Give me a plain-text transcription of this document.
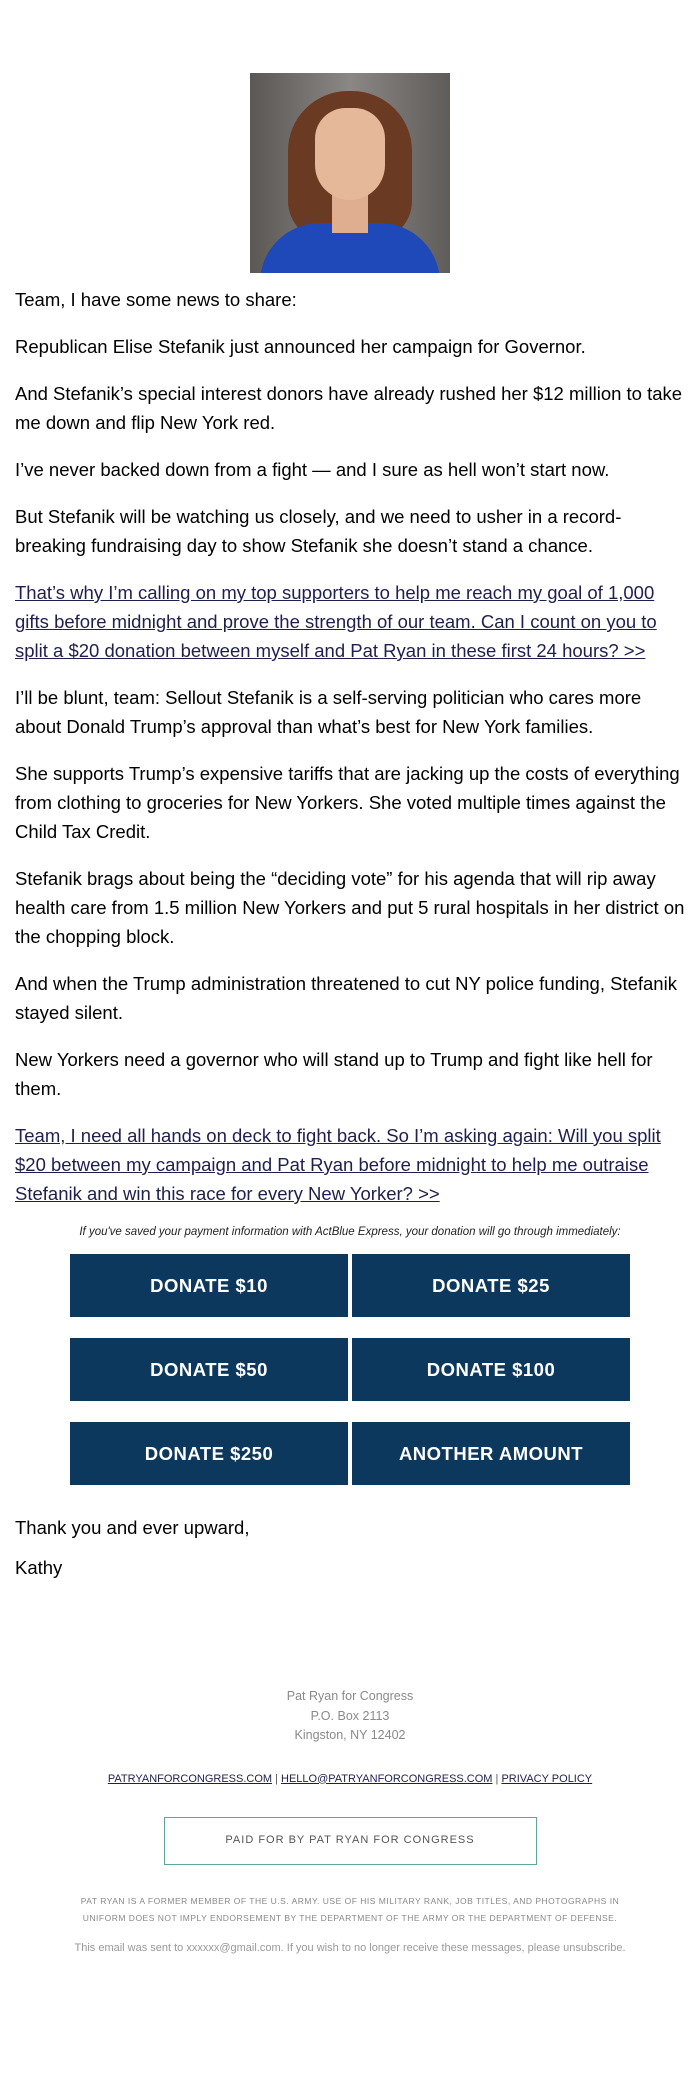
Team, I have some news to share:

Republican Elise Stefanik just announced her campaign for Governor.

And Stefanik’s special interest donors have already rushed her $12 million to take me down and flip New York red.

I’ve never backed down from a fight — and I sure as hell won’t start now.

But Stefanik will be watching us closely, and we need to usher in a record-breaking fundraising day to show Stefanik she doesn’t stand a chance.

That’s why I’m calling on my top supporters to help me reach my goal of 1,000 gifts before midnight and prove the strength of our team. Can I count on you to split a $20 donation between myself and Pat Ryan in these first 24 hours? >>

I’ll be blunt, team: Sellout Stefanik is a self-serving politician who cares more about Donald Trump’s approval than what’s best for New York families.

She supports Trump’s expensive tariffs that are jacking up the costs of everything from clothing to groceries for New Yorkers. She voted multiple times against the Child Tax Credit.

Stefanik brags about being the “deciding vote” for his agenda that will rip away health care from 1.5 million New Yorkers and put 5 rural hospitals in her district on the chopping block.

And when the Trump administration threatened to cut NY police funding, Stefanik stayed silent.

New Yorkers need a governor who will stand up to Trump and fight like hell for them.

Team, I need all hands on deck to fight back. So I’m asking again: Will you split $20 between my campaign and Pat Ryan before midnight to help me outraise Stefanik and win this race for every New Yorker? >>

If you've saved your payment information with ActBlue Express, your donation will go through immediately:
DONATE $10	DONATE $25
DONATE $50	DONATE $100
DONATE $250	ANOTHER AMOUNT

Thank you and ever upward,

Kathy

Pat Ryan for Congress
P.O. Box 2113
Kingston, NY 12402
PATRYANFORCONGRESS.COM | HELLO@PATRYANFORCONGRESS.COM | PRIVACY POLICY
PAID FOR BY PAT RYAN FOR CONGRESS
PAT RYAN IS A FORMER MEMBER OF THE U.S. ARMY. USE OF HIS MILITARY RANK, JOB TITLES, AND PHOTOGRAPHS IN UNIFORM DOES NOT IMPLY ENDORSEMENT BY THE DEPARTMENT OF THE ARMY OR THE DEPARTMENT OF DEFENSE.
This email was sent to xxxxxx@gmail.com. If you wish to no longer receive these messages, please unsubscribe.
